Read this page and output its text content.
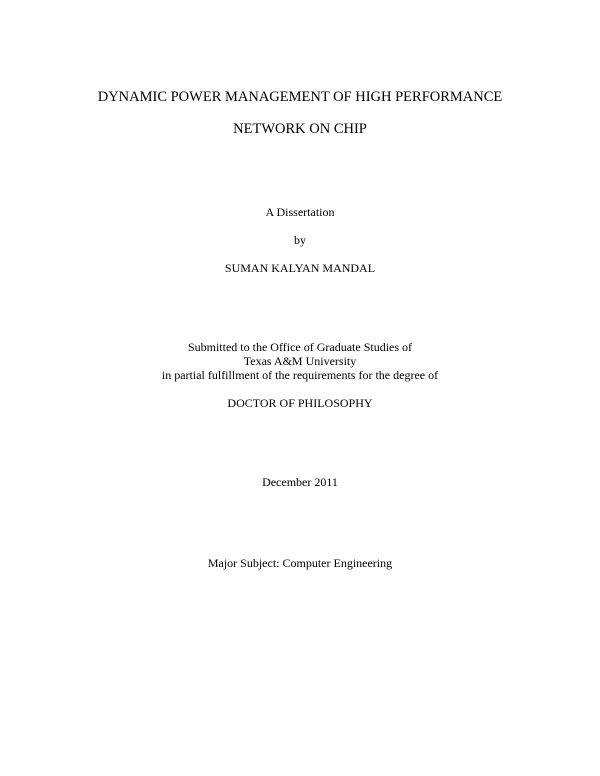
DYNAMIC POWER MANAGEMENT OF HIGH PERFORMANCE
NETWORK ON CHIP
A Dissertation
by
SUMAN KALYAN MANDAL
Submitted to the Office of Graduate Studies of
Texas A&M University
in partial fulfillment of the requirements for the degree of
DOCTOR OF PHILOSOPHY
December 2011
Major Subject: Computer Engineering
